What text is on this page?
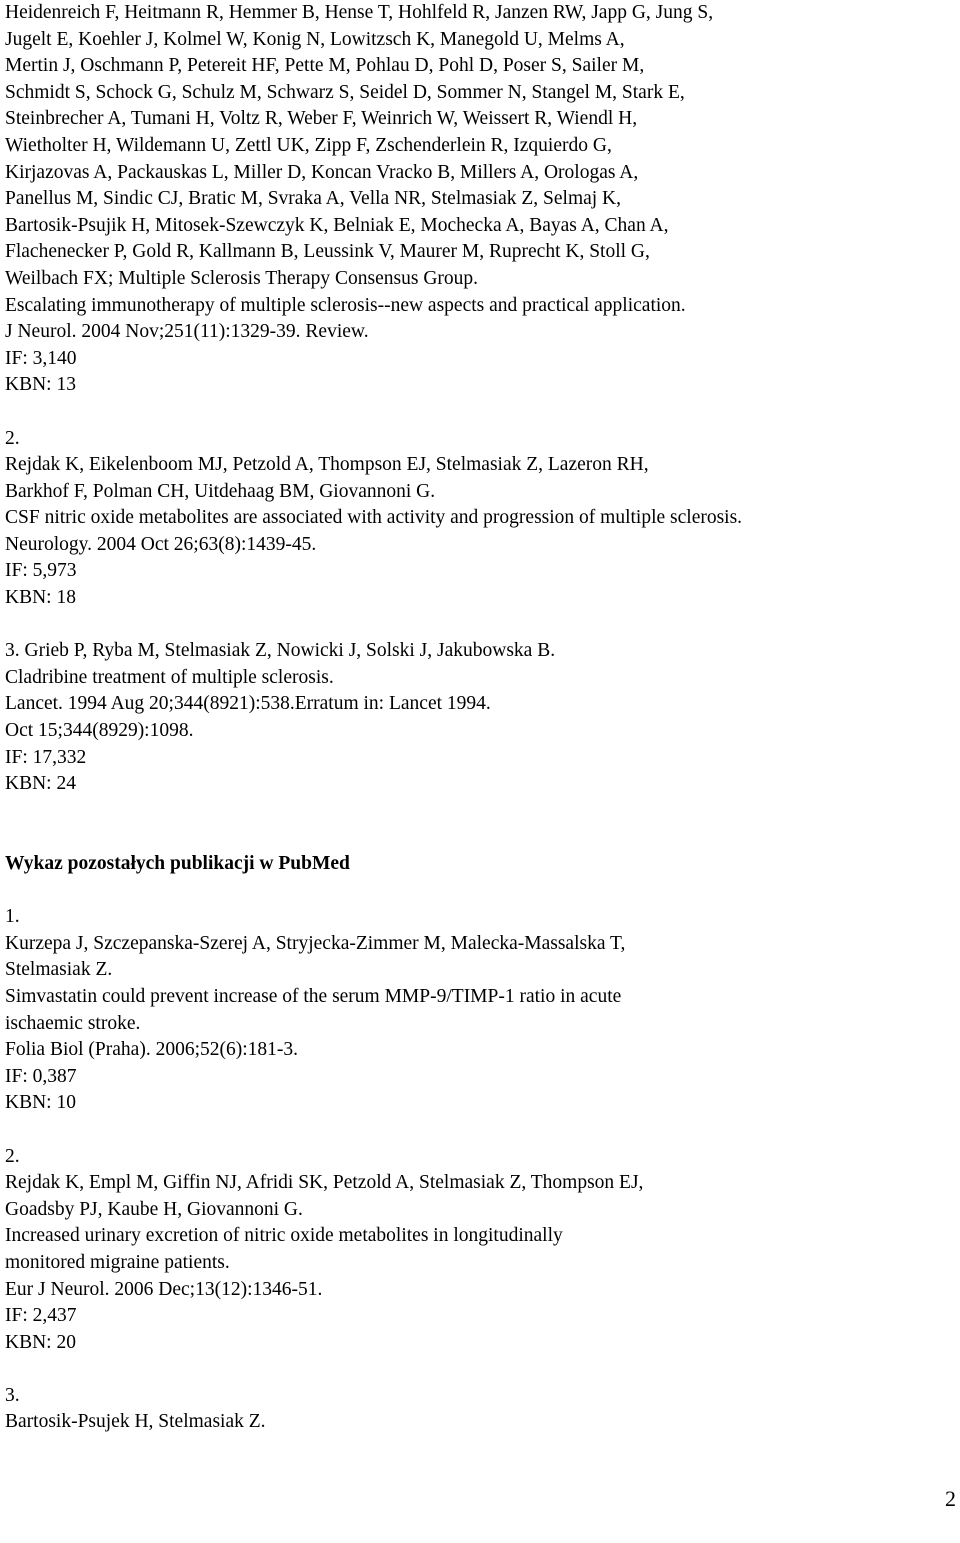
Heidenreich F, Heitmann R, Hemmer B, Hense T, Hohlfeld R, Janzen RW, Japp G, Jung S,
Jugelt E, Koehler J, Kolmel W, Konig N, Lowitzsch K, Manegold U, Melms A,
Mertin J, Oschmann P, Petereit HF, Pette M, Pohlau D, Pohl D, Poser S, Sailer M,
Schmidt S, Schock G, Schulz M, Schwarz S, Seidel D, Sommer N, Stangel M, Stark E,
Steinbrecher A, Tumani H, Voltz R, Weber F, Weinrich W, Weissert R, Wiendl H,
Wietholter H, Wildemann U, Zettl UK, Zipp F, Zschenderlein R, Izquierdo G,
Kirjazovas A, Packauskas L, Miller D, Koncan Vracko B, Millers A, Orologas A,
Panellus M, Sindic CJ, Bratic M, Svraka A, Vella NR, Stelmasiak Z, Selmaj K,
Bartosik-Psujik H, Mitosek-Szewczyk K, Belniak E, Mochecka A, Bayas A, Chan A,
Flachenecker P, Gold R, Kallmann B, Leussink V, Maurer M, Ruprecht K, Stoll G,
Weilbach FX; Multiple Sclerosis Therapy Consensus Group.
Escalating immunotherapy of multiple sclerosis--new aspects and practical application.
J Neurol. 2004 Nov;251(11):1329-39. Review.
IF: 3,140
KBN: 13
2.
Rejdak K, Eikelenboom MJ, Petzold A, Thompson EJ, Stelmasiak Z, Lazeron RH,
Barkhof F, Polman CH, Uitdehaag BM, Giovannoni G.
CSF nitric oxide metabolites are associated with activity and progression of multiple sclerosis.
Neurology. 2004 Oct 26;63(8):1439-45.
IF: 5,973
KBN: 18
3. Grieb P, Ryba M, Stelmasiak Z, Nowicki J, Solski J, Jakubowska B.
Cladribine treatment of multiple sclerosis.
Lancet. 1994 Aug 20;344(8921):538.Erratum in: Lancet 1994.
Oct 15;344(8929):1098.
IF: 17,332
KBN: 24
Wykaz pozostałych publikacji w PubMed
1.
Kurzepa J, Szczepanska-Szerej A, Stryjecka-Zimmer M, Malecka-Massalska T,
Stelmasiak Z.
Simvastatin could prevent increase of the serum MMP-9/TIMP-1 ratio in acute
ischaemic stroke.
Folia Biol (Praha). 2006;52(6):181-3.
IF: 0,387
KBN: 10
2.
Rejdak K, Empl M, Giffin NJ, Afridi SK, Petzold A, Stelmasiak Z, Thompson EJ,
Goadsby PJ, Kaube H, Giovannoni G.
Increased urinary excretion of nitric oxide metabolites in longitudinally
monitored migraine patients.
Eur J Neurol. 2006 Dec;13(12):1346-51.
IF: 2,437
KBN: 20
3.
Bartosik-Psujek H, Stelmasiak Z.
2
